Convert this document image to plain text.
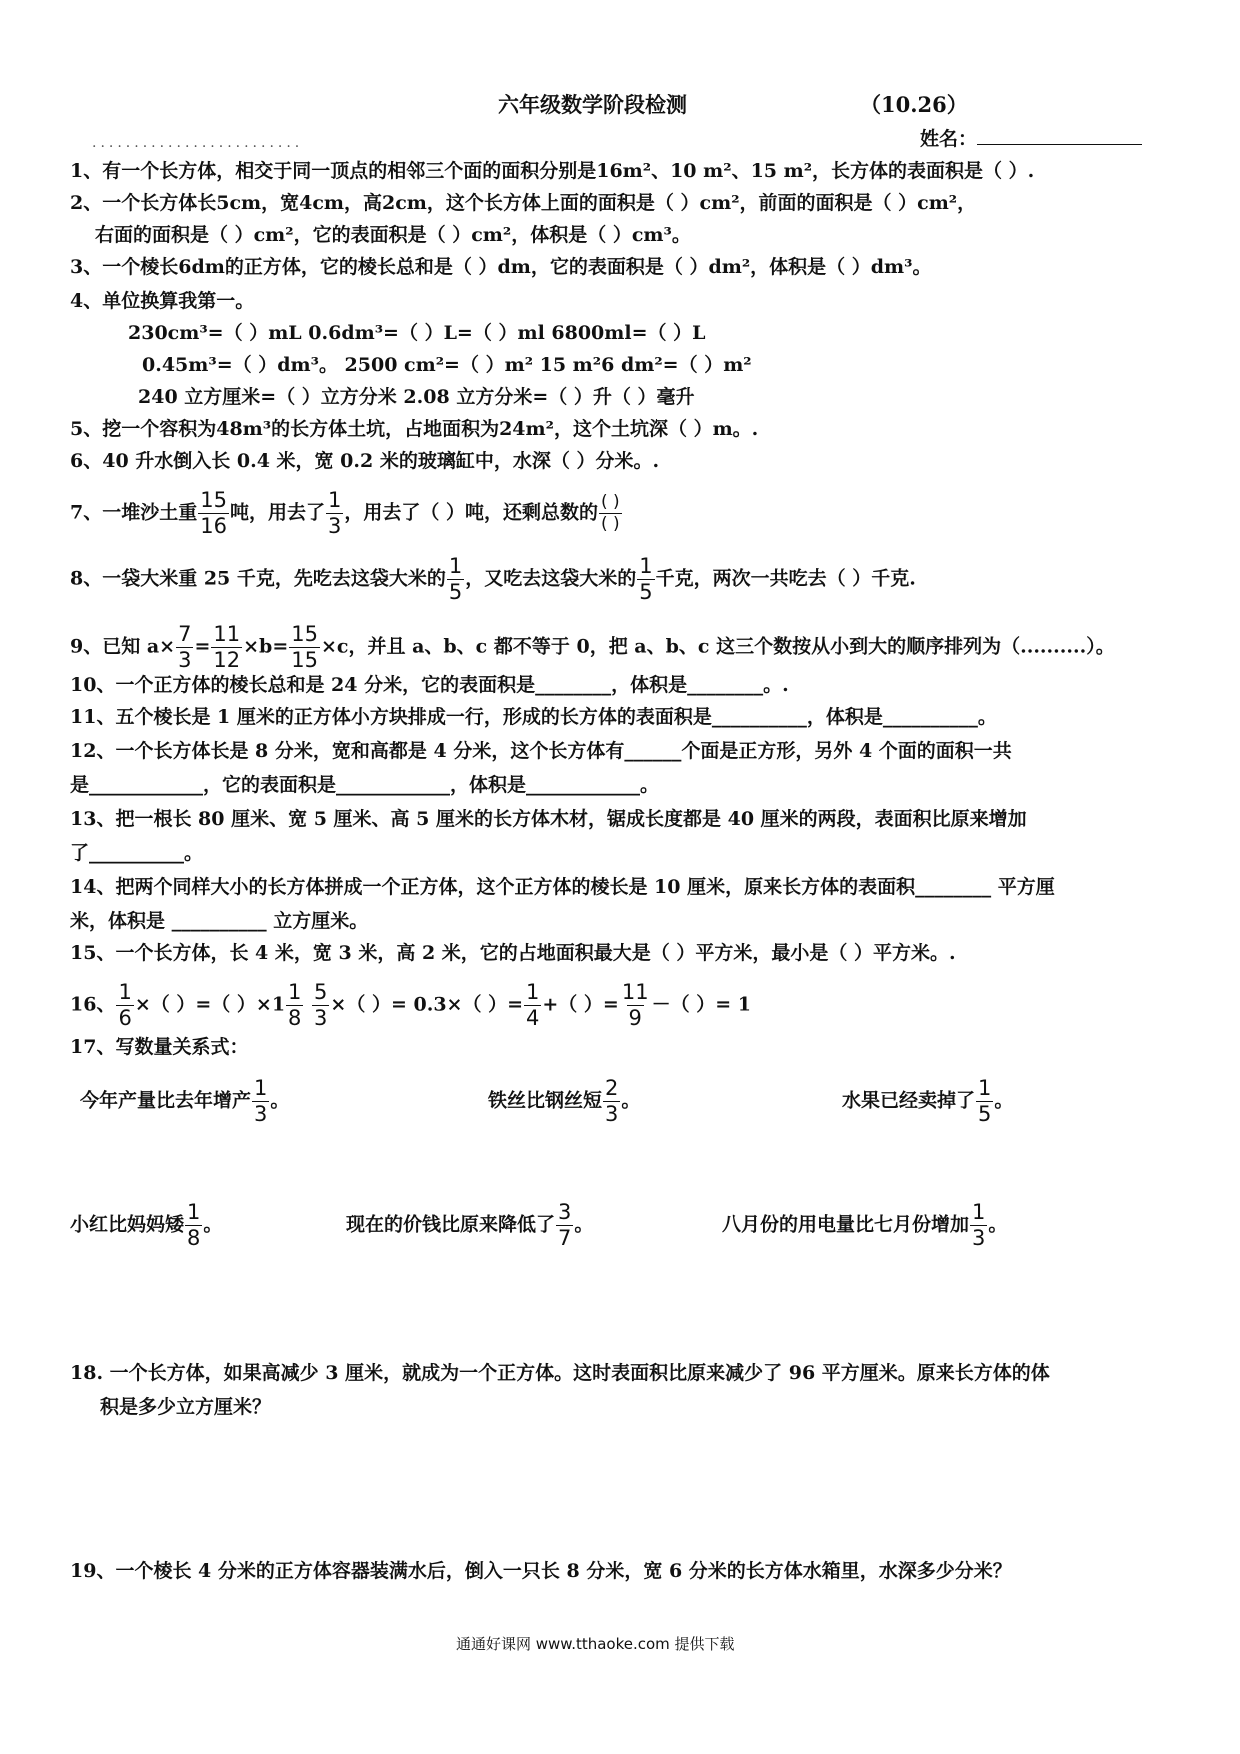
六年级数学阶段检测	（10.26）
.........................	姓名：
1、有一个长方体，相交于同一顶点的相邻三个面的面积分别是16m²、10 m²、15 m²，长方体的表面积是（ ）.
2、一个长方体长5cm，宽4cm，高2cm，这个长方体上面的面积是（ ）cm²，前面的面积是（ ）cm²，
右面的面积是（ ）cm²，它的表面积是（ ）cm²，体积是（ ）cm³。
3、一个棱长6dm的正方体，它的棱长总和是（ ）dm，它的表面积是（ ）dm²，体积是（ ）dm³。
4、单位换算我第一。
230cm³=（ ）mL 0.6dm³=（ ）L=（ ）ml 6800ml=（ ）L
0.45m³=（ ）dm³。 2500 cm²=（ ）m² 15 m²6 dm²=（ ）m²
240 立方厘米=（ ）立方分米 2.08 立方分米=（ ）升（ ）毫升
5、挖一个容积为48m³的长方体土坑，占地面积为24m²，这个土坑深（ ）m。.
6、40 升水倒入长 0.4 米，宽 0.2 米的玻璃缸中，水深（ ）分米。.
7、一堆沙土重 $\frac{15}{16}$ 吨，用去了 $\frac{1}{3}$ ，用去了（ ）吨，还剩总数的 $\frac{( )}{( )}$
8、一袋大米重 25 千克，先吃去这袋大米的 $\frac{1}{5}$ ，又吃去这袋大米的 $\frac{1}{5}$ 千克，两次一共吃去（ ）千克.
9、已知 $a\times \frac{7}{3} = \frac{11}{12} \times b= \frac{15}{15} \times c$，并且 a、b、c 都不等于 0，把 a、b、c 这三个数按从小到大的顺序排列为（..........）。
10、一个正方体的棱长总和是 24 分米，它的表面积是________，体积是________。.
11、五个棱长是 1 厘米的正方体小方块排成一行，形成的长方体的表面积是__________，体积是__________。
12、一个长方体长是 8 分米，宽和高都是 4 分米，这个长方体有______个面是正方形，另外 4 个面的面积一共
是____________，它的表面积是____________，体积是____________。
13、把一根长 80 厘米、宽 5 厘米、高 5 厘米的长方体木材，锯成长度都是 40 厘米的两段，表面积比原来增加
了__________。
14、把两个同样大小的长方体拼成一个正方体，这个正方体的棱长是 10 厘米，原来长方体的表面积________ 平方厘
米，体积是 __________ 立方厘米。
15、一个长方体，长 4 米，宽 3 米，高 2 米，它的占地面积最大是（ ）平方米，最小是（ ）平方米。.
16、 $\frac{1}{6}$ ×（ ）=（ ）$\times 1 \frac{1}{8}$
$\frac{5}{3}$ ×（ ）= 0.3×（ ）= $\frac{1}{4}$ +（ ）= $\frac{11}{9}$ －（ ）= 1
17、写数量关系式：
今年产量比去年增产 $\frac{1}{3}$ 。	铁丝比钢丝短 $\frac{2}{3}$ 。	水果已经卖掉了 $\frac{1}{5}$ 。
小红比妈妈矮 $\frac{1}{8}$ 。	现在的价钱比原来降低了 $\frac{3}{7}$ 。	八月份的用电量比七月份增加 $\frac{1}{3}$ 。
18. 一个长方体，如果高减少 3 厘米，就成为一个正方体。这时表面积比原来减少了 96 平方厘米。原来长方体的体
积是多少立方厘米？
19、一个棱长 4 分米的正方体容器装满水后，倒入一只长 8 分米，宽 6 分米的长方体水箱里，水深多少分米？
通通好课网 www.tthaoke.com 提供下载
